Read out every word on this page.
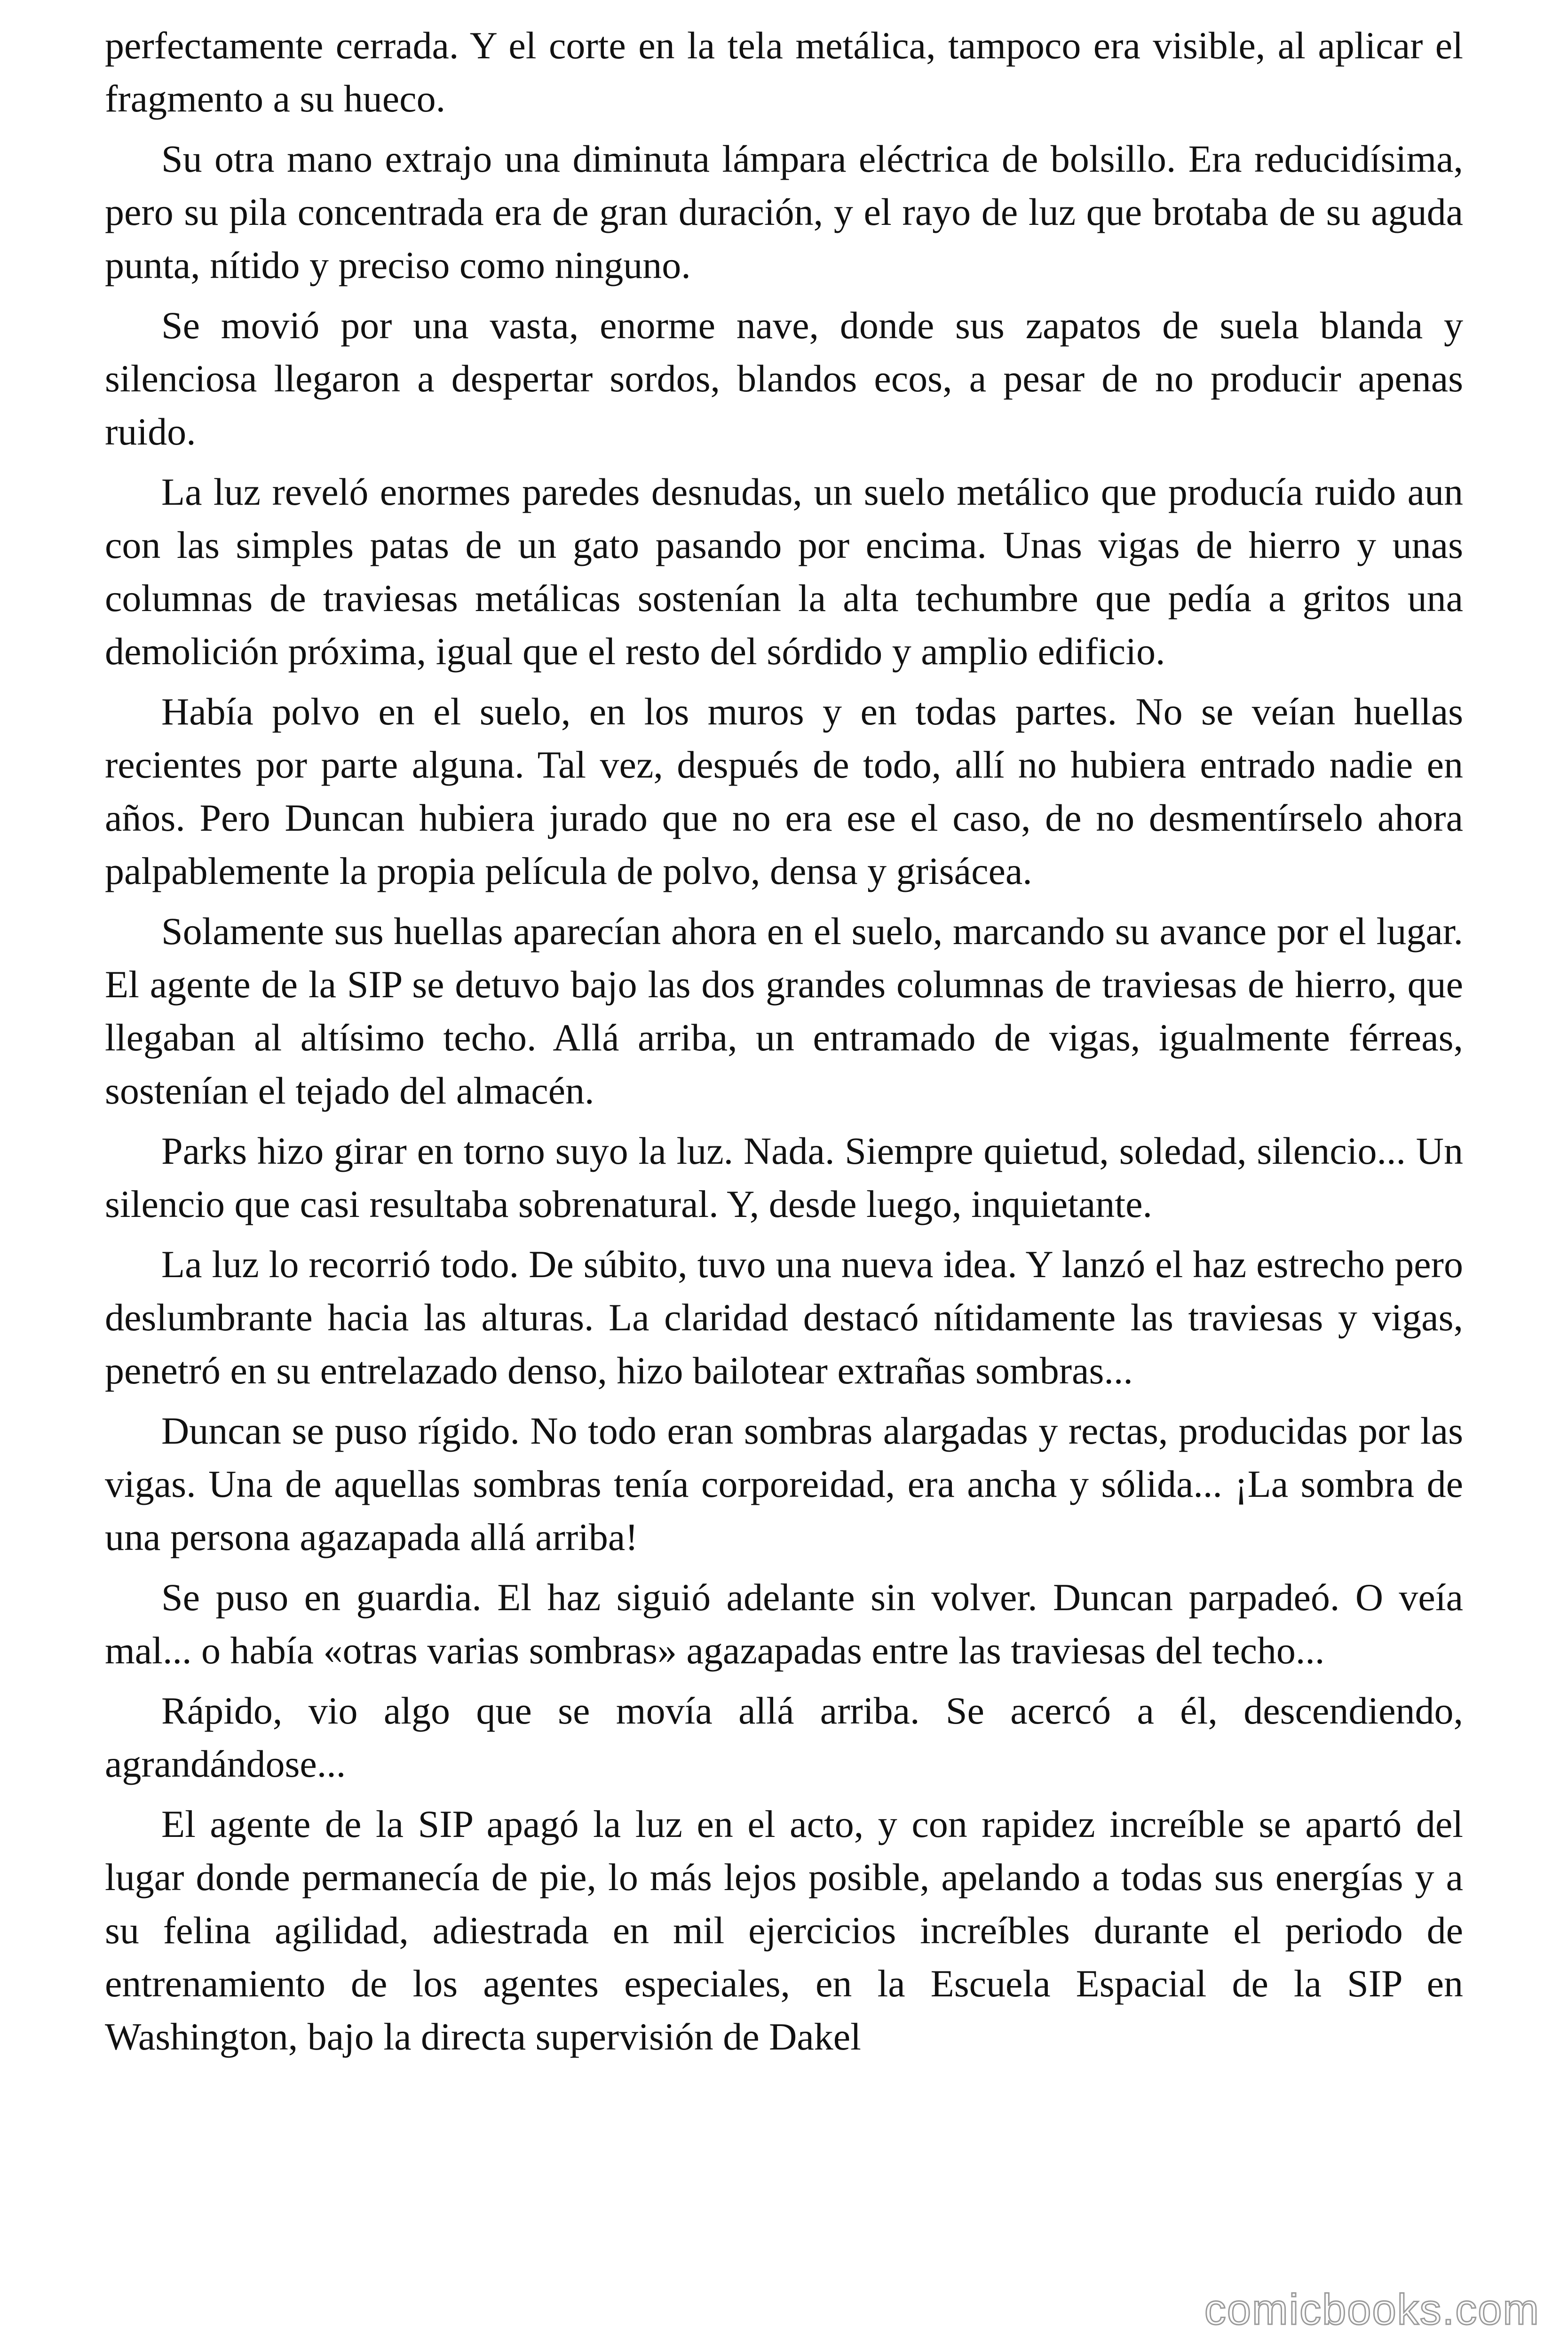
perfectamente cerrada. Y el corte en la tela metálica, tampoco era visible, al aplicar el fragmento a su hueco.

Su otra mano extrajo una diminuta lámpara eléctrica de bolsillo. Era reducidísima, pero su pila concentrada era de gran duración, y el rayo de luz que brotaba de su aguda punta, nítido y preciso como ninguno.

Se movió por una vasta, enorme nave, donde sus zapatos de suela blanda y silenciosa llegaron a despertar sordos, blandos ecos, a pesar de no producir apenas ruido.

La luz reveló enormes paredes desnudas, un suelo metálico que producía ruido aun con las simples patas de un gato pasando por encima. Unas vigas de hierro y unas columnas de traviesas metálicas sostenían la alta techumbre que pedía a gritos una demolición próxima, igual que el resto del sórdido y amplio edificio.

Había polvo en el suelo, en los muros y en todas partes. No se veían huellas recientes por parte alguna. Tal vez, después de todo, allí no hubiera entrado nadie en años. Pero Duncan hubiera jurado que no era ese el caso, de no desmentírselo ahora palpablemente la propia película de polvo, densa y grisácea.

Solamente sus huellas aparecían ahora en el suelo, marcando su avance por el lugar. El agente de la SIP se detuvo bajo las dos grandes columnas de traviesas de hierro, que llegaban al altísimo techo. Allá arriba, un entramado de vigas, igualmente férreas, sostenían el tejado del almacén.

Parks hizo girar en torno suyo la luz. Nada. Siempre quietud, soledad, silencio... Un silencio que casi resultaba sobrenatural. Y, desde luego, inquietante.

La luz lo recorrió todo. De súbito, tuvo una nueva idea. Y lanzó el haz estrecho pero deslumbrante hacia las alturas. La claridad destacó nítidamente las traviesas y vigas, penetró en su entrelazado denso, hizo bailotear extrañas sombras...

Duncan se puso rígido. No todo eran sombras alargadas y rectas, producidas por las vigas. Una de aquellas sombras tenía corporeidad, era ancha y sólida... ¡La sombra de una persona agazapada allá arriba!

Se puso en guardia. El haz siguió adelante sin volver. Duncan parpadeó. O veía mal... o había «otras varias sombras» agazapadas entre las traviesas del techo...

Rápido, vio algo que se movía allá arriba. Se acercó a él, descendiendo, agrandándose...

El agente de la SIP apagó la luz en el acto, y con rapidez increíble se apartó del lugar donde permanecía de pie, lo más lejos posible, apelando a todas sus energías y a su felina agilidad, adiestrada en mil ejercicios increíbles durante el periodo de entrenamiento de los agentes especiales, en la Escuela Espacial de la SIP en Washington, bajo la directa supervisión de Dakel

comicbooks.com
